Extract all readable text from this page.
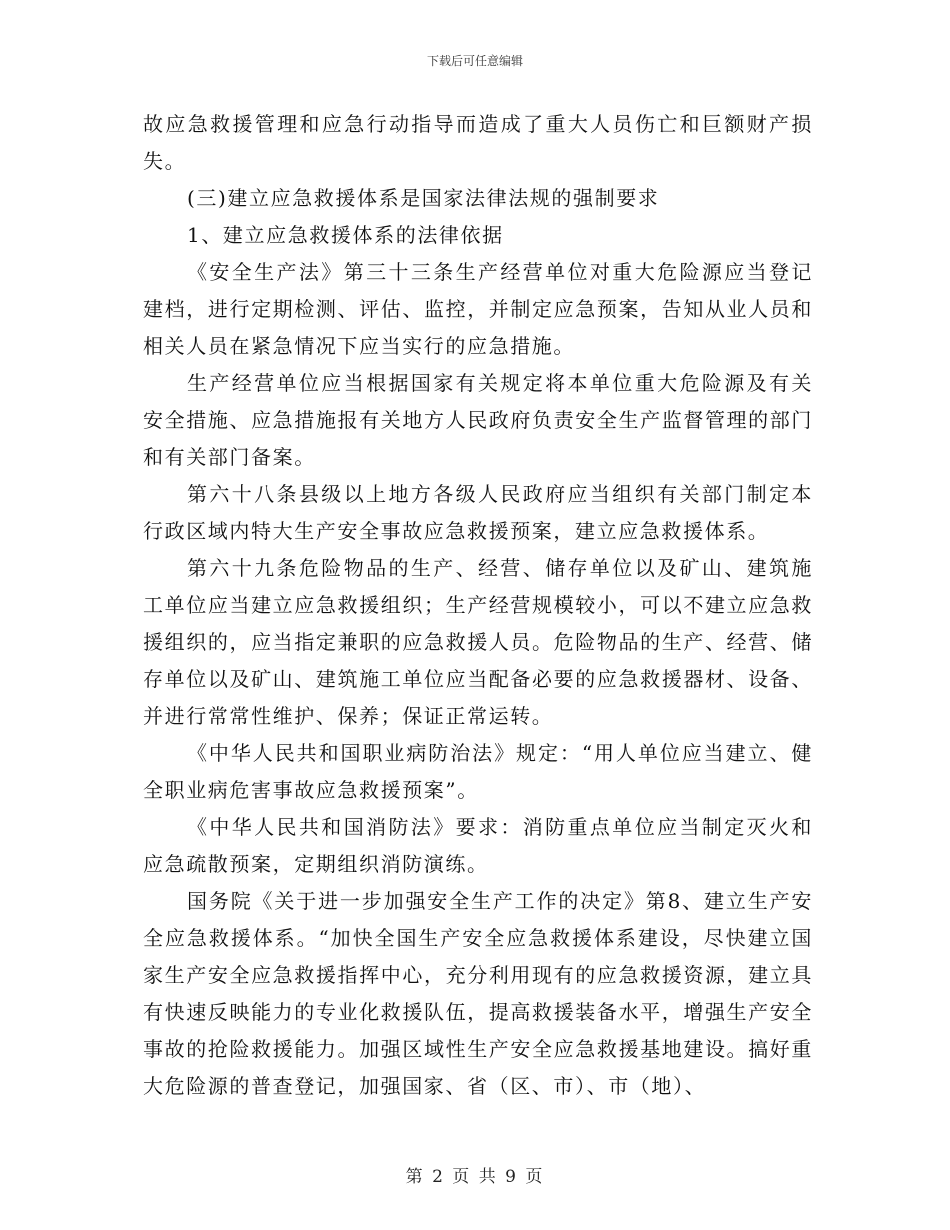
下载后可任意编辑

故应急救援管理和应急行动指导而造成了重大人员伤亡和巨额财产损失。

(三)建立应急救援体系是国家法律法规的强制要求

1、建立应急救援体系的法律依据

《安全生产法》第三十三条生产经营单位对重大危险源应当登记建档，进行定期检测、评估、监控，并制定应急预案，告知从业人员和相关人员在紧急情况下应当实行的应急措施。

生产经营单位应当根据国家有关规定将本单位重大危险源及有关安全措施、应急措施报有关地方人民政府负责安全生产监督管理的部门和有关部门备案。

第六十八条县级以上地方各级人民政府应当组织有关部门制定本行政区域内特大生产安全事故应急救援预案，建立应急救援体系。

第六十九条危险物品的生产、经营、储存单位以及矿山、建筑施工单位应当建立应急救援组织；生产经营规模较小，可以不建立应急救援组织的，应当指定兼职的应急救援人员。危险物品的生产、经营、储存单位以及矿山、建筑施工单位应当配备必要的应急救援器材、设备、并进行常常性维护、保养；保证正常运转。

《中华人民共和国职业病防治法》规定：“用人单位应当建立、健全职业病危害事故应急救援预案”。

《中华人民共和国消防法》要求：消防重点单位应当制定灭火和应急疏散预案，定期组织消防演练。

国务院《关于进一步加强安全生产工作的决定》第8、建立生产安全应急救援体系。“加快全国生产安全应急救援体系建设，尽快建立国家生产安全应急救援指挥中心，充分利用现有的应急救援资源，建立具有快速反映能力的专业化救援队伍，提高救援装备水平，增强生产安全事故的抢险救援能力。加强区域性生产安全应急救援基地建设。搞好重大危险源的普查登记，加强国家、省（区、市）、市（地）、

第 2 页 共 9 页
